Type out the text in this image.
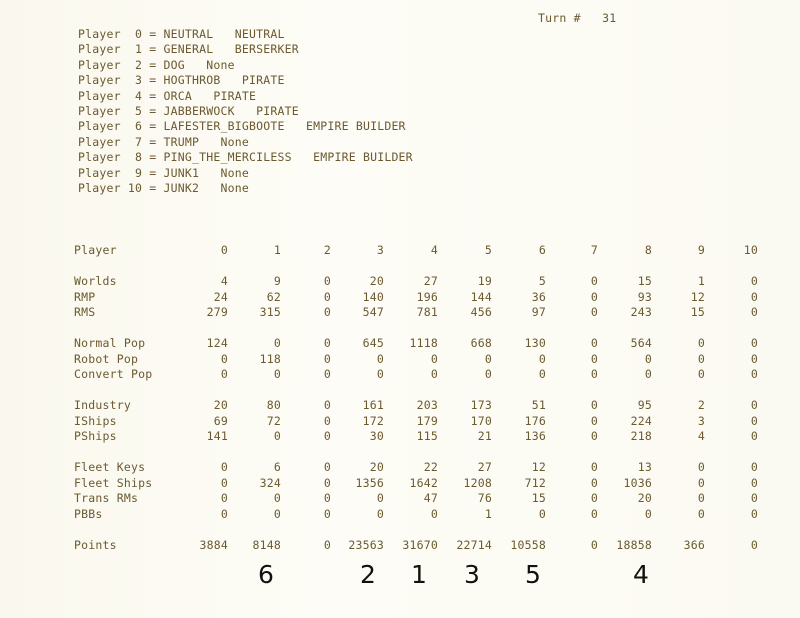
Turn # 31
Player  0 = NEUTRAL   NEUTRAL
Player  1 = GENERAL   BERSERKER
Player  2 = DOG   None
Player  3 = HOGTHROB   PIRATE
Player  4 = ORCA   PIRATE
Player  5 = JABBERWOCK   PIRATE
Player  6 = LAFESTER_BIGBOOTE   EMPIRE BUILDER
Player  7 = TRUMP   None
Player  8 = PING_THE_MERCILESS   EMPIRE BUILDER
Player  9 = JUNK1   None
Player 10 = JUNK2   None
Player	0	1	2	3	4	5	6	7	8	9	10

Worlds	4	9	0	20	27	19	5	0	15	1	0
RMP	24	62	0	140	196	144	36	0	93	12	0
RMS	279	315	0	547	781	456	97	0	243	15	0

Normal Pop	124	0	0	645	1118	668	130	0	564	0	0
Robot Pop	0	118	0	0	0	0	0	0	0	0	0
Convert Pop	0	0	0	0	0	0	0	0	0	0	0

Industry	20	80	0	161	203	173	51	0	95	2	0
IShips	69	72	0	172	179	170	176	0	224	3	0
PShips	141	0	0	30	115	21	136	0	218	4	0

Fleet Keys	0	6	0	20	22	27	12	0	13	0	0
Fleet Ships	0	324	0	1356	1642	1208	712	0	1036	0	0
Trans RMs	0	0	0	0	47	76	15	0	20	0	0
PBBs	0	0	0	0	0	1	0	0	0	0	0

Points	3884	8148	0	23563	31670	22714	10558	0	18858	366	0
6	2 1 3 5	4
